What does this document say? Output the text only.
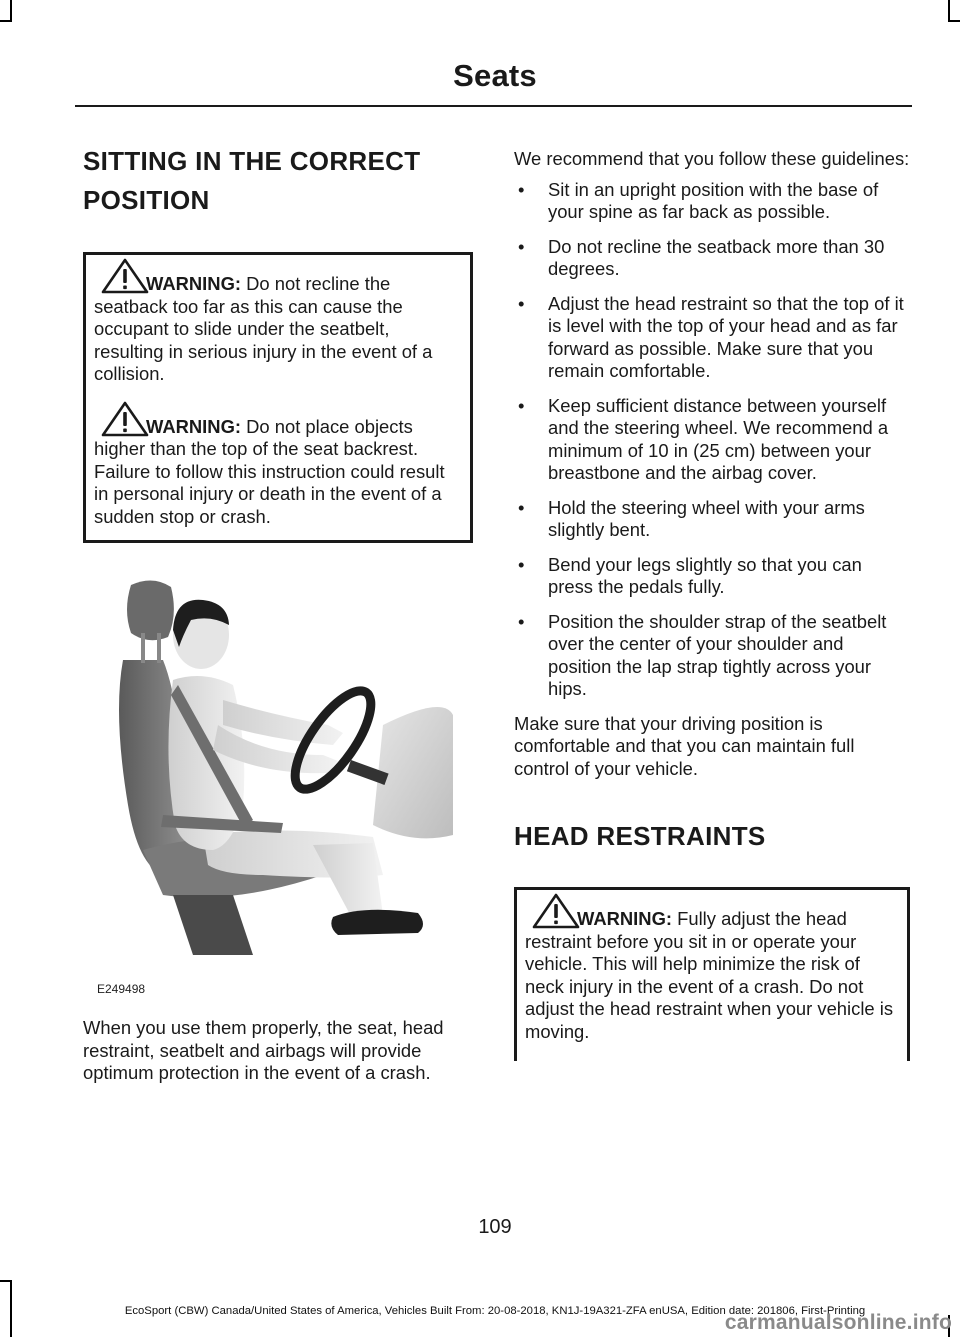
Seats
SITTING IN THE CORRECT
POSITION

WARNING: Do not recline the seatback too far as this can cause the occupant to slide under the seatbelt, resulting in serious injury in the event of a collision.

WARNING: Do not place objects higher than the top of the seat backrest. Failure to follow this instruction could result in personal injury or death in the event of a sudden stop or crash.

E249498

When you use them properly, the seat, head restraint, seatbelt and airbags will provide optimum protection in the event of a crash.

We recommend that you follow these guidelines:

• Sit in an upright position with the base of your spine as far back as possible.
• Do not recline the seatback more than 30 degrees.
• Adjust the head restraint so that the top of it is level with the top of your head and as far forward as possible. Make sure that you remain comfortable.
• Keep sufficient distance between yourself and the steering wheel. We recommend a minimum of 10 in (25 cm) between your breastbone and the airbag cover.
• Hold the steering wheel with your arms slightly bent.
• Bend your legs slightly so that you can press the pedals fully.
• Position the shoulder strap of the seatbelt over the center of your shoulder and position the lap strap tightly across your hips.

Make sure that your driving position is comfortable and that you can maintain full control of your vehicle.

HEAD RESTRAINTS

WARNING: Fully adjust the head restraint before you sit in or operate your vehicle. This will help minimize the risk of neck injury in the event of a crash. Do not adjust the head restraint when your vehicle is moving.

109
EcoSport (CBW) Canada/United States of America, Vehicles Built From: 20-08-2018, KN1J-19A321-ZFA enUSA, Edition date: 201806, First-Printing
carmanualsonline.info
